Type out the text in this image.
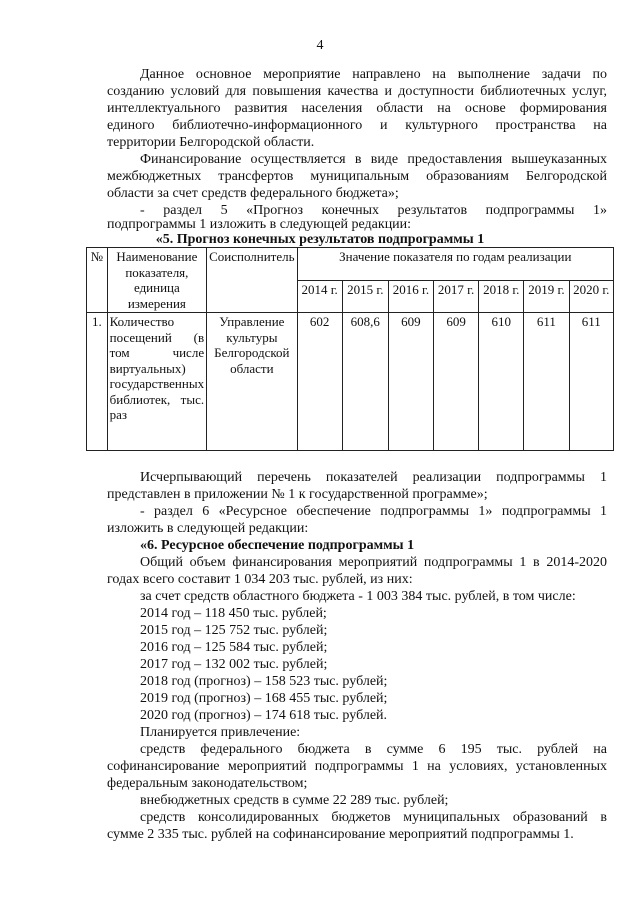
4
Данное основное мероприятие направлено на выполнение задачи по
созданию условий для повышения качества и доступности библиотечных услуг,
интеллектуального развития населения области на основе формирования
единого библиотечно-информационного и культурного пространства на
территории Белгородской области.
Финансирование осуществляется в виде предоставления вышеуказанных
межбюджетных трансфертов муниципальным образованиям Белгородской
области за счет средств федерального бюджета»;
- раздел 5 «Прогноз конечных результатов подпрограммы 1»
подпрограммы 1 изложить в следующей редакции:
«5. Прогноз конечных результатов подпрограммы 1
№	Наименование показателя, единица измерения	Соисполнитель	Значение показателя по годам реализации						
			2014 г.	2015 г.	2016 г.	2017 г.	2018 г.	2019 г.	2020 г.
1.	Количество посещений (в том числе виртуальных) государственных библиотек, тыс. раз	Управление культуры Белгородской области	602	608,6	609	609	610	611	611
Исчерпывающий перечень показателей реализации подпрограммы 1
представлен в приложении № 1 к государственной программе»;
- раздел 6 «Ресурсное обеспечение подпрограммы 1» подпрограммы 1
изложить в следующей редакции:
«6. Ресурсное обеспечение подпрограммы 1
Общий объем финансирования мероприятий подпрограммы 1 в 2014-2020
годах всего составит 1 034 203 тыс. рублей, из них:
за счет средств областного бюджета - 1 003 384 тыс. рублей, в том числе:
2014 год – 118 450 тыс. рублей;
2015 год – 125 752 тыс. рублей;
2016 год – 125 584 тыс. рублей;
2017 год – 132 002 тыс. рублей;
2018 год (прогноз) – 158 523 тыс. рублей;
2019 год (прогноз) – 168 455 тыс. рублей;
2020 год (прогноз) – 174 618 тыс. рублей.
Планируется привлечение:
средств федерального бюджета в сумме 6 195 тыс. рублей на
софинансирование мероприятий подпрограммы 1 на условиях, установленных
федеральным законодательством;
внебюджетных средств в сумме 22 289 тыс. рублей;
средств консолидированных бюджетов муниципальных образований в
сумме 2 335 тыс. рублей на софинансирование мероприятий подпрограммы 1.
